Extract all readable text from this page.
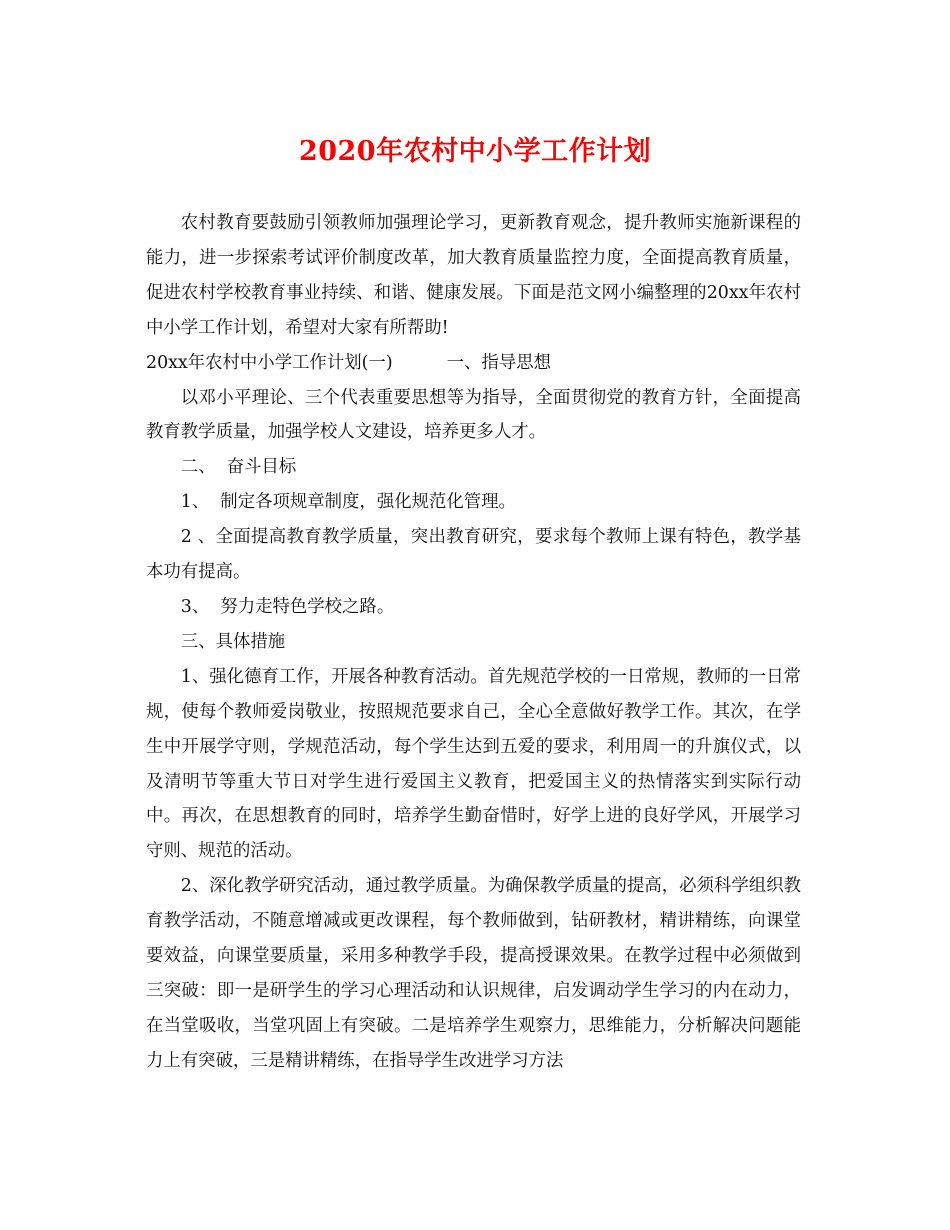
2020年农村中小学工作计划

农村教育要鼓励引领教师加强理论学习，更新教育观念，提升教师实施新课程的能力，进一步探索考试评价制度改革，加大教育质量监控力度，全面提高教育质量，促进农村学校教育事业持续、和谐、健康发展。下面是范文网小编整理的20xx年农村中小学工作计划，希望对大家有所帮助!

20xx年农村中小学工作计划(一)	一、指导思想

以邓小平理论、三个代表重要思想等为指导，全面贯彻党的教育方针，全面提高教育教学质量，加强学校人文建设，培养更多人才。

二、  奋斗目标

1、  制定各项规章制度，强化规范化管理。

2 、全面提高教育教学质量，突出教育研究，要求每个教师上课有特色，教学基本功有提高。

3、  努力走特色学校之路。

三、具体措施

1、强化德育工作，开展各种教育活动。首先规范学校的一日常规，教师的一日常规，使每个教师爱岗敬业，按照规范要求自己，全心全意做好教学工作。其次，在学生中开展学守则，学规范活动，每个学生达到五爱的要求，利用周一的升旗仪式，以及清明节等重大节日对学生进行爱国主义教育，把爱国主义的热情落实到实际行动中。再次，在思想教育的同时，培养学生勤奋惜时，好学上进的良好学风，开展学习守则、规范的活动。

2、深化教学研究活动，通过教学质量。为确保教学质量的提高，必须科学组织教育教学活动，不随意增减或更改课程，每个教师做到，钻研教材，精讲精练，向课堂要效益，向课堂要质量，采用多种教学手段，提高授课效果。在教学过程中必须做到三突破：即一是研学生的学习心理活动和认识规律，启发调动学生学习的内在动力，在当堂吸收，当堂巩固上有突破。二是培养学生观察力，思维能力，分析解决问题能力上有突破，三是精讲精练，在指导学生改进学习方法
